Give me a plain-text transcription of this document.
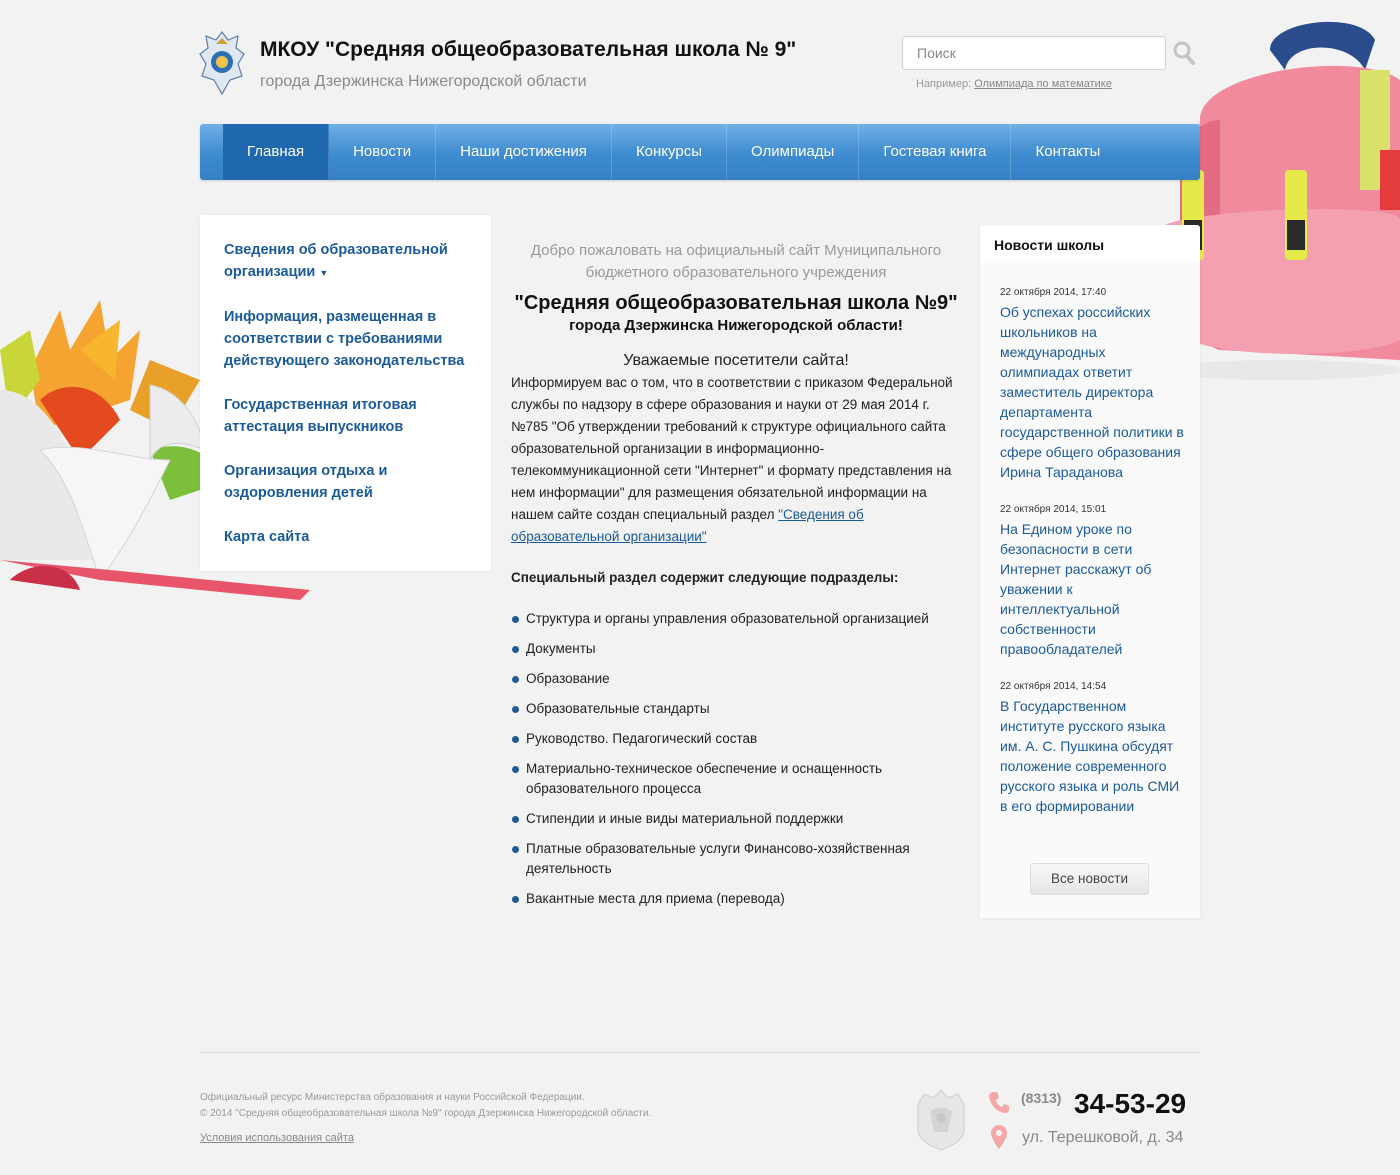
МКОУ "Средняя общеобразовательная школа № 9"
города Дзержинска Нижегородской области
Поиск	Например: Олимпиада по математике
Главная	Новости	Наши достижения	Конкурсы	Олимпиады	Гостевая книга	Контакты
Сведения об образовательной организации ▼
Информация, размещенная в соответствии с требованиями действующего законодательства
Государственная итоговая аттестация выпускников
Организация отдыха и оздоровления детей
Карта сайта
Добро пожаловать на официальный сайт Муниципального бюджетного образовательного учреждения
"Средняя общеобразовательная школа №9"
города Дзержинска Нижегородской области!
Уважаемые посетители сайта!

Информируем вас о том, что в соответствии с приказом Федеральной службы по надзору в сфере образования и науки от 29 мая 2014 г. №785 "Об утверждении требований к структуре официального сайта образовательной организации в информационно-телекоммуникационной сети "Интернет" и формату представления на нем информации" для размещения обязательной информации на нашем сайте создан специальный раздел "Сведения об образовательной организации"

Специальный раздел содержит следующие подразделы:
Структура и органы управления образовательной организацией
Документы
Образование
Образовательные стандарты
Руководство. Педагогический состав
Материально-техническое обеспечение и оснащенность образовательного процесса
Стипендии и иные виды материальной поддержки
Платные образовательные услуги Финансово-хозяйственная деятельность
Вакантные места для приема (перевода)
Новости школы
22 октября 2014, 17:40
Об успехах российских школьников на международных олимпиадах ответит заместитель директора департамента государственной политики в сфере общего образования Ирина Тараданова
22 октября 2014, 15:01
На Едином уроке по безопасности в сети Интернет расскажут об уважении к интеллектуальной собственности правообладателей
22 октября 2014, 14:54
В Государственном институте русского языка им. А. С. Пушкина обсудят положение современного русского языка и роль СМИ в его формировании
Все новости
Официальный ресурс Министерства образования и науки Российской Федерации.
© 2014 "Средняя общеобразовательная школа №9" города Дзержинска Нижегородской области.
Условия использования сайта
(8313) 34-53-29
ул. Терешковой, д. 34
